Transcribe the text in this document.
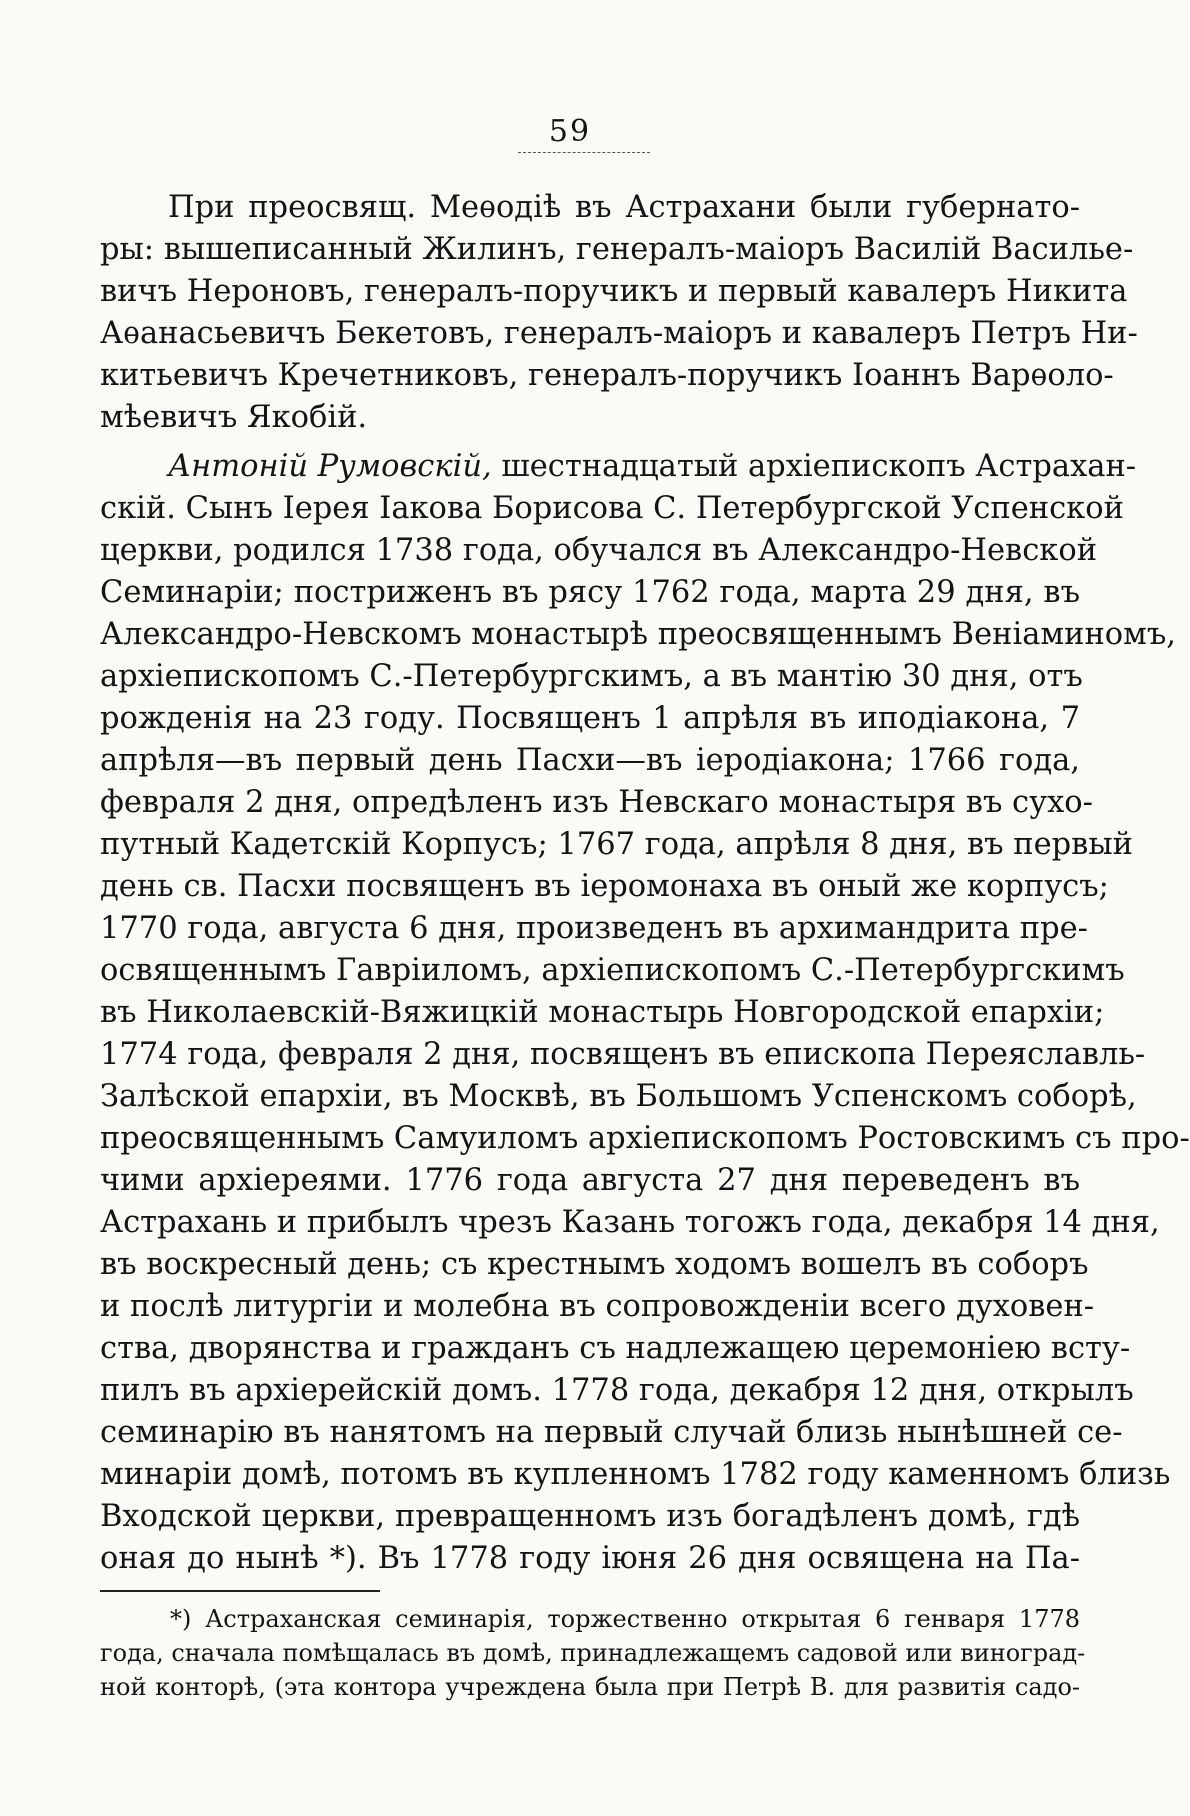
59
При преосвящ. Меѳодіѣ въ Астрахани были губернато-
ры: вышеписанный Жилинъ, генералъ-маіоръ Василій Василье-
вичъ Нероновъ, генералъ-поручикъ и первый кавалеръ Никита
Аѳанасьевичъ Бекетовъ, генералъ-маіоръ и кавалеръ Петръ Ни-
китьевичъ Кречетниковъ, генералъ-поручикъ Іоаннъ Варѳоло-
мѣевичъ Якобій.
Антоній Румовскій, шестнадцатый архіепископъ Астрахан-
скій. Сынъ Іерея Іакова Борисова С. Петербургской Успенской
церкви, родился 1738 года, обучался въ Александро-Невской
Семинаріи; постриженъ въ рясу 1762 года, марта 29 дня, въ
Александро-Невскомъ монастырѣ преосвященнымъ Веніаминомъ,
архіепископомъ С.-Петербургскимъ, а въ мантію 30 дня, отъ
рожденія на 23 году. Посвященъ 1 апрѣля въ иподіакона, 7
апрѣля—въ первый день Пасхи—въ іеродіакона; 1766 года,
февраля 2 дня, опредѣленъ изъ Невскаго монастыря въ сухо-
путный Кадетскій Корпусъ; 1767 года, апрѣля 8 дня, въ первый
день св. Пасхи посвященъ въ іеромонаха въ оный же корпусъ;
1770 года, августа 6 дня, произведенъ въ архимандрита пре-
освященнымъ Гавріиломъ, архіепископомъ С.-Петербургскимъ
въ Николаевскій-Вяжицкій монастырь Новгородской епархіи;
1774 года, февраля 2 дня, посвященъ въ епископа Переяславль-
Залѣской епархіи, въ Москвѣ, въ Большомъ Успенскомъ соборѣ,
преосвященнымъ Самуиломъ архіепископомъ Ростовскимъ съ про-
чими архіереями. 1776 года августа 27 дня переведенъ въ
Астрахань и прибылъ чрезъ Казань тогожъ года, декабря 14 дня,
въ воскресный день; съ крестнымъ ходомъ вошелъ въ соборъ
и послѣ литургіи и молебна въ сопровожденіи всего духовен-
ства, дворянства и гражданъ съ надлежащею церемоніею всту-
пилъ въ архіерейскій домъ. 1778 года, декабря 12 дня, открылъ
семинарію въ нанятомъ на первый случай близь нынѣшней се-
минаріи домѣ, потомъ въ купленномъ 1782 году каменномъ близь
Входской церкви, превращенномъ изъ богадѣленъ домѣ, гдѣ
оная до нынѣ *). Въ 1778 году іюня 26 дня освящена на Па-
*) Астраханская семинарія, торжественно открытая 6 генваря 1778
года, сначала помѣщалась въ домѣ, принадлежащемъ садовой или виноград-
ной конторѣ, (эта контора учреждена была при Петрѣ В. для развитія садо-
